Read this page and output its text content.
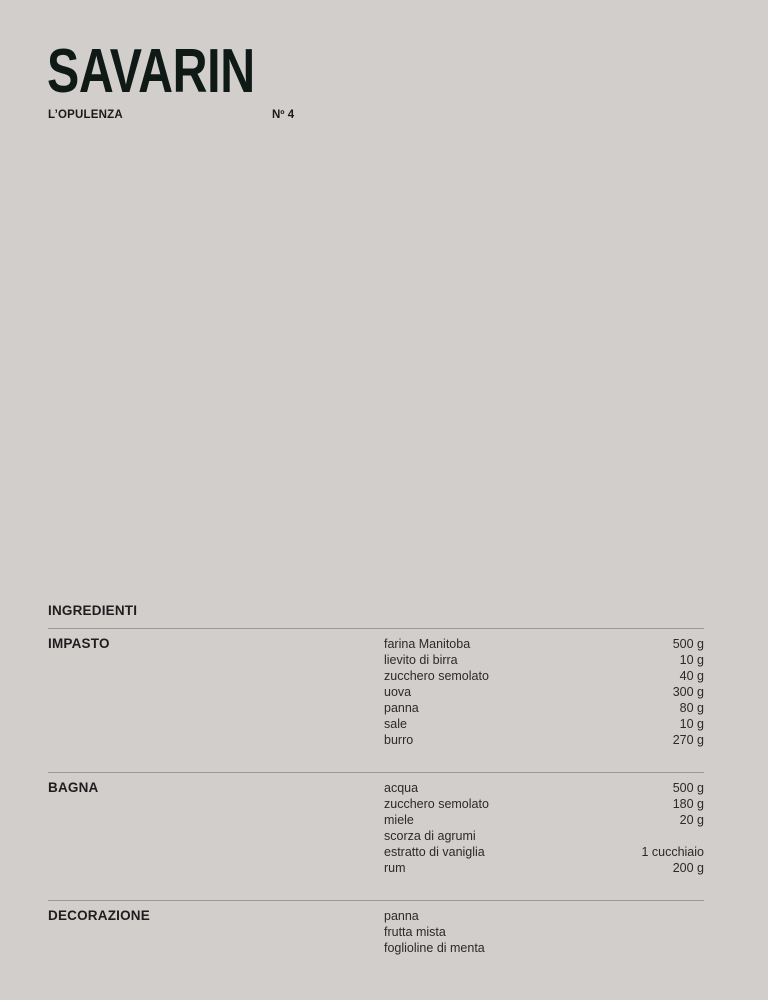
SAVARIN
L’OPULENZA	Nº 4
INGREDIENTI
IMPASTO	farina Manitoba	500 g
lievito di birra	10 g
zucchero semolato	40 g
uova	300 g
panna	80 g
sale	10 g
burro	270 g
BAGNA	acqua	500 g
zucchero semolato	180 g
miele	20 g
scorza di agrumi
estratto di vaniglia	1 cucchiaio
rum	200 g
DECORAZIONE	panna
frutta mista
foglioline di menta
